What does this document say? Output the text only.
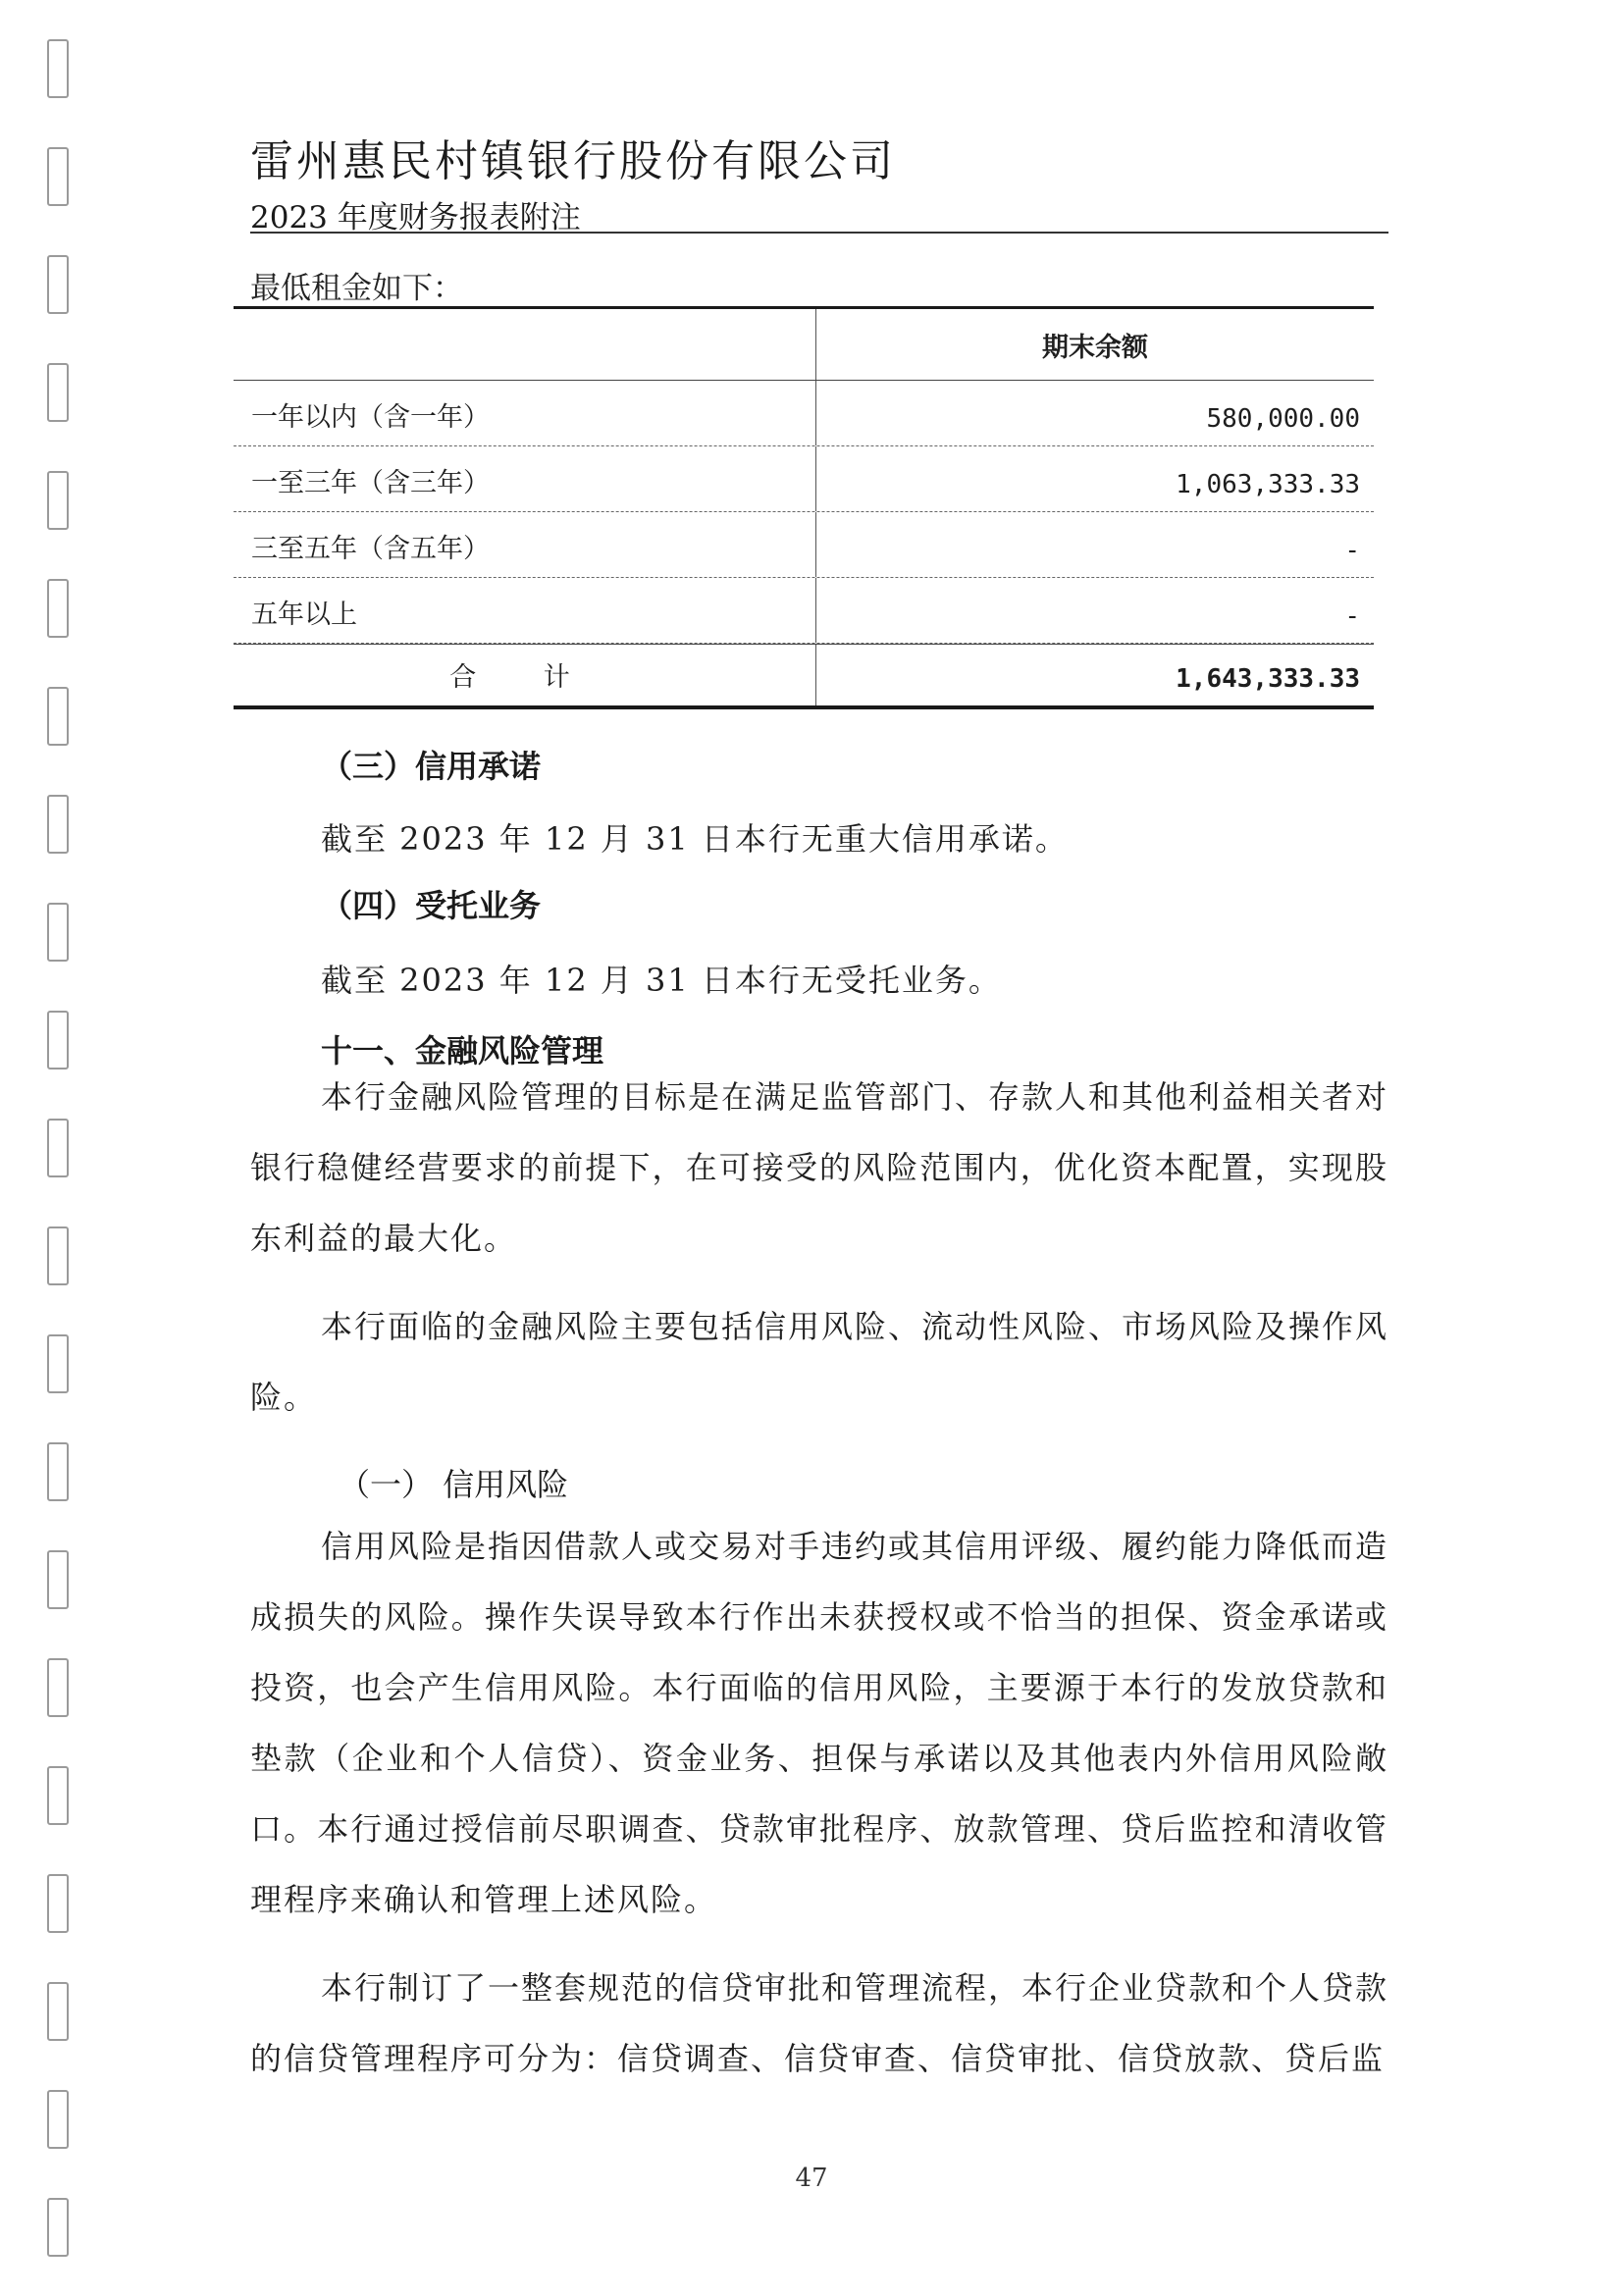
雷州惠民村镇银行股份有限公司
2023 年度财务报表附注
最低租金如下：
期末余额
一年以内（含一年）	580,000.00
一至三年（含三年）	1,063,333.33
三至五年（含五年）	-
五年以上	-
合 计	1,643,333.33
（三）信用承诺
截至 2023 年 12 月 31 日本行无重大信用承诺。
（四）受托业务
截至 2023 年 12 月 31 日本行无受托业务。
十一、金融风险管理

本行金融风险管理的目标是在满足监管部门、存款人和其他利益相关者对银行稳健经营要求的前提下，在可接受的风险范围内，优化资本配置，实现股东利益的最大化。

本行面临的金融风险主要包括信用风险、流动性风险、市场风险及操作风险。

（一） 信用风险

信用风险是指因借款人或交易对手违约或其信用评级、履约能力降低而造成损失的风险。操作失误导致本行作出未获授权或不恰当的担保、资金承诺或投资，也会产生信用风险。本行面临的信用风险，主要源于本行的发放贷款和垫款（企业和个人信贷）、资金业务、担保与承诺以及其他表内外信用风险敞口。本行通过授信前尽职调查、贷款审批程序、放款管理、贷后监控和清收管理程序来确认和管理上述风险。

本行制订了一整套规范的信贷审批和管理流程，本行企业贷款和个人贷款的信贷管理程序可分为：信贷调查、信贷审查、信贷审批、信贷放款、贷后监

47
